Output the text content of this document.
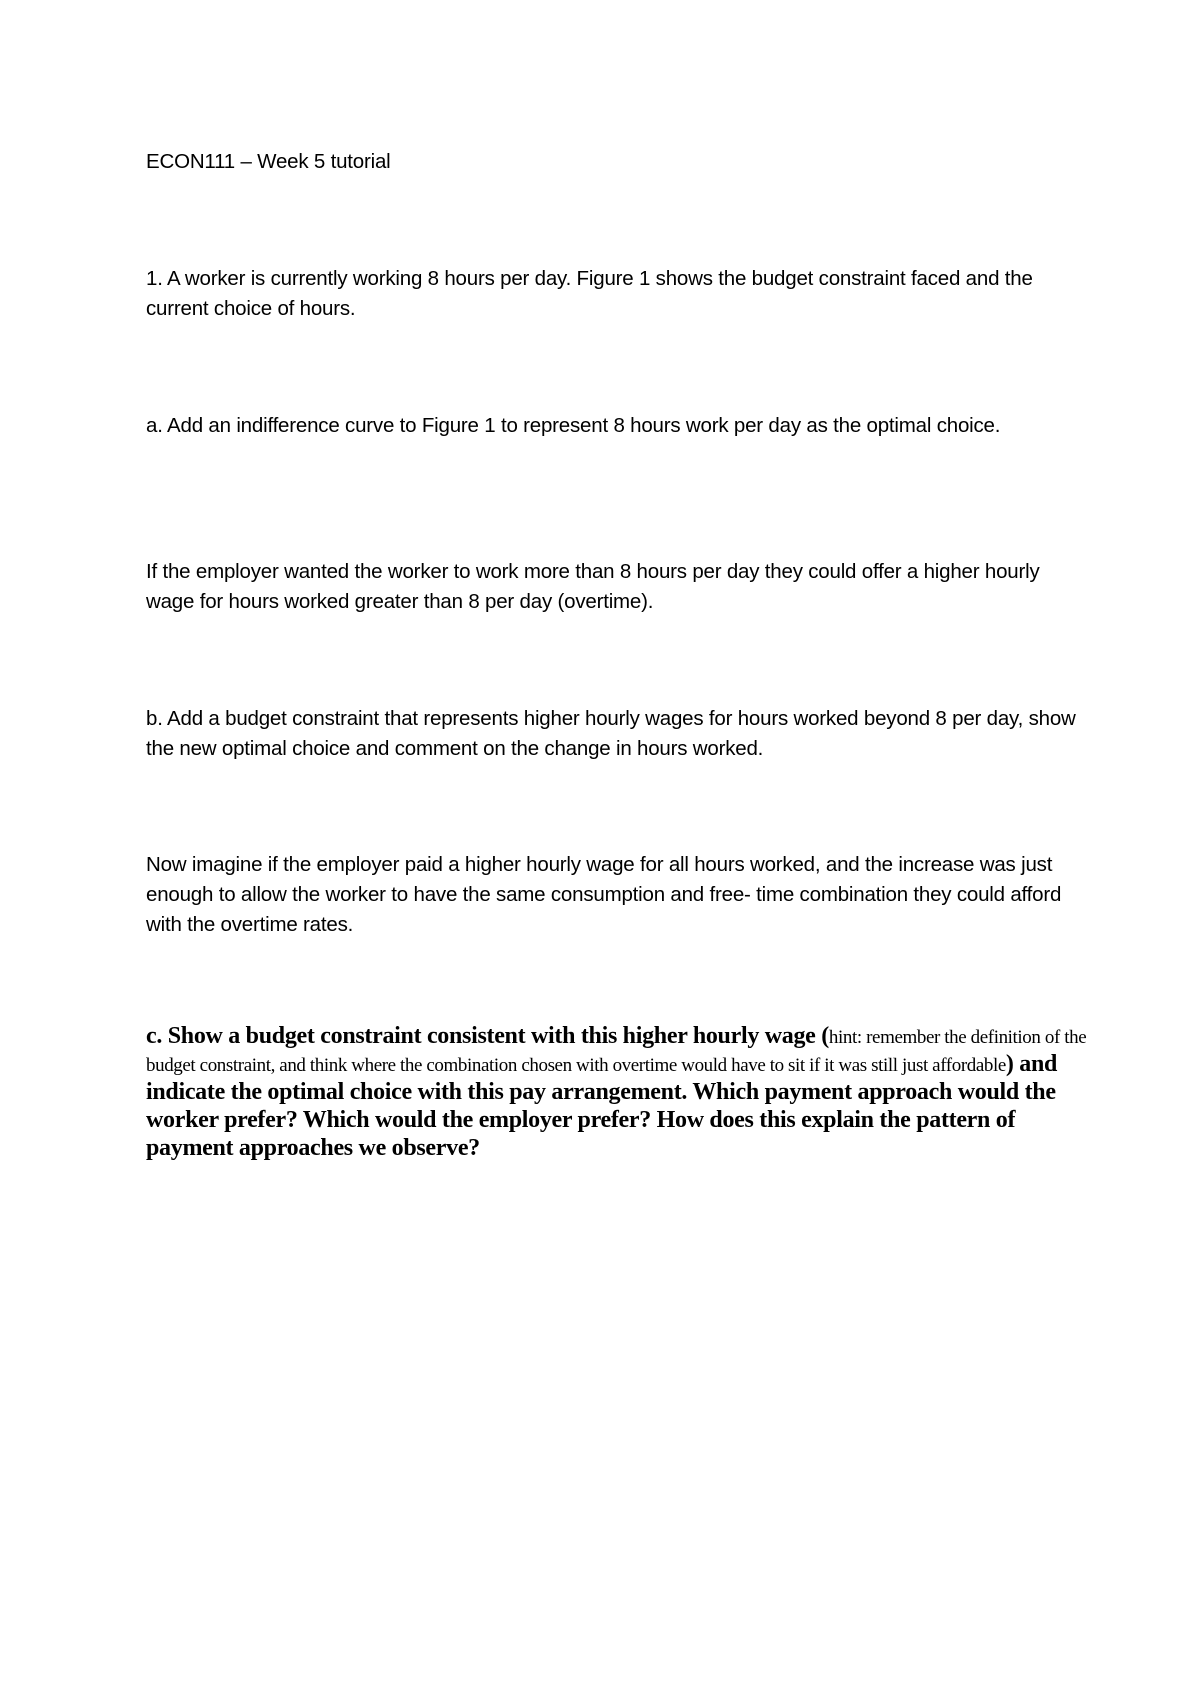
ECON111 – Week 5 tutorial

1. A worker is currently working 8 hours per day. Figure 1 shows the budget constraint faced and the current choice of hours.

a. Add an indifference curve to Figure 1 to represent 8 hours work per day as the optimal choice.

If the employer wanted the worker to work more than 8 hours per day they could offer a higher hourly wage for hours worked greater than 8 per day (overtime).

b. Add a budget constraint that represents higher hourly wages for hours worked beyond 8 per day, show the new optimal choice and comment on the change in hours worked.

Now imagine if the employer paid a higher hourly wage for all hours worked, and the increase was just enough to allow the worker to have the same consumption and free- time combination they could afford with the overtime rates.

c. Show a budget constraint consistent with this higher hourly wage (hint: remember the definition of the budget constraint, and think where the combination chosen with overtime would have to sit if it was still just affordable) and indicate the optimal choice with this pay arrangement. Which payment approach would the worker prefer? Which would the employer prefer? How does this explain the pattern of payment approaches we observe?
